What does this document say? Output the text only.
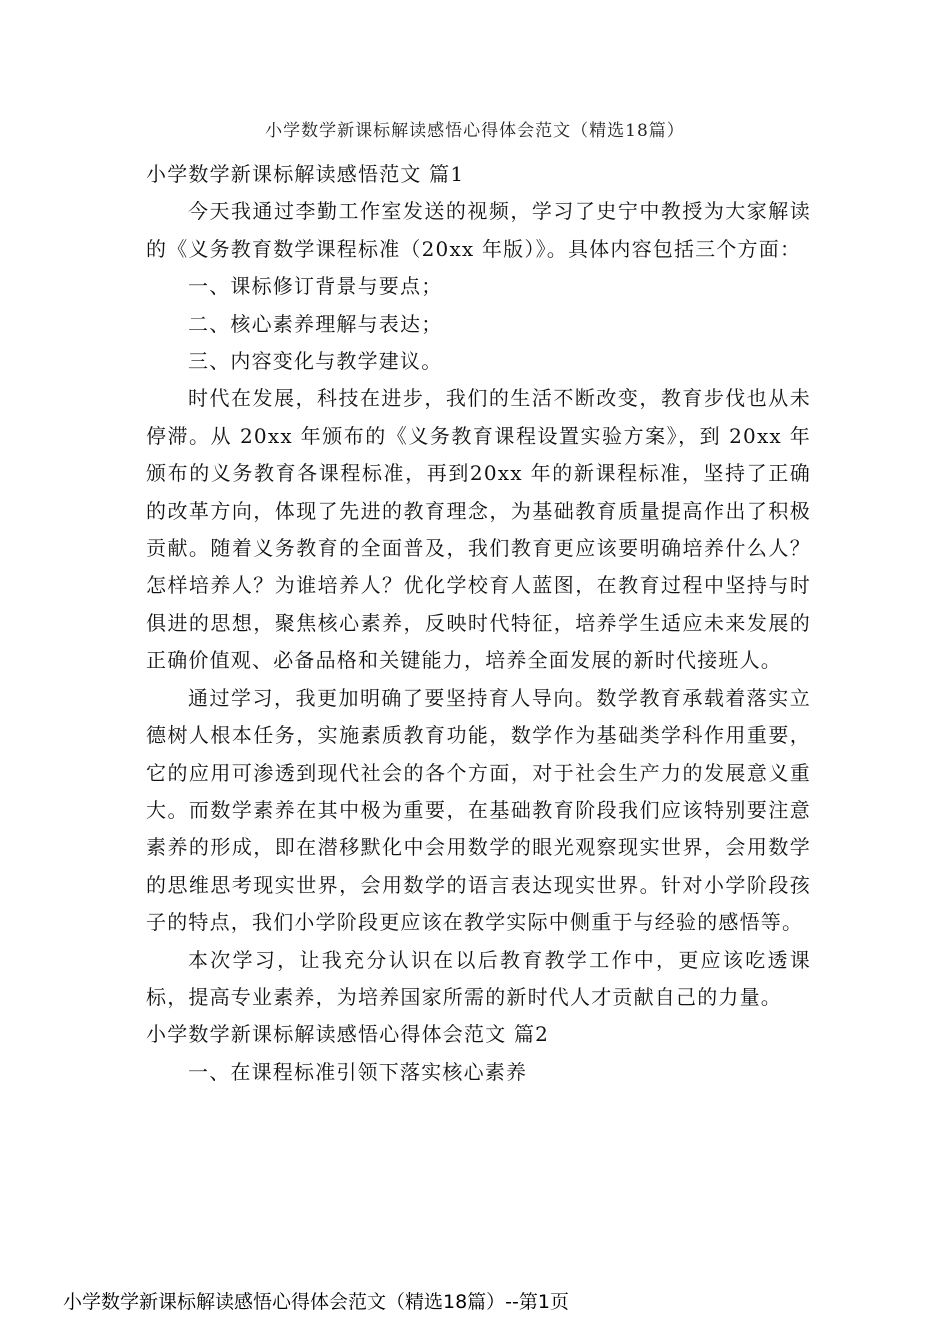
小学数学新课标解读感悟心得体会范文（精选18篇）

小学数学新课标解读感悟范文 篇1

今天我通过李勤工作室发送的视频，学习了史宁中教授为大家解读的《义务教育数学课程标准（20xx 年版）》。具体内容包括三个方面：

一、课标修订背景与要点；

二、核心素养理解与表达；

三、内容变化与教学建议。

时代在发展，科技在进步，我们的生活不断改变，教育步伐也从未停滞。从 20xx 年颁布的《义务教育课程设置实验方案》，到 20xx 年颁布的义务教育各课程标准，再到20xx 年的新课程标准，坚持了正确的改革方向，体现了先进的教育理念，为基础教育质量提高作出了积极贡献。随着义务教育的全面普及，我们教育更应该要明确培养什么人？怎样培养人？为谁培养人？优化学校育人蓝图，在教育过程中坚持与时俱进的思想，聚焦核心素养，反映时代特征，培养学生适应未来发展的正确价值观、必备品格和关键能力，培养全面发展的新时代接班人。

通过学习，我更加明确了要坚持育人导向。数学教育承载着落实立德树人根本任务，实施素质教育功能，数学作为基础类学科作用重要，它的应用可渗透到现代社会的各个方面，对于社会生产力的发展意义重大。而数学素养在其中极为重要，在基础教育阶段我们应该特别要注意素养的形成，即在潜移默化中会用数学的眼光观察现实世界，会用数学的思维思考现实世界，会用数学的语言表达现实世界。针对小学阶段孩子的特点，我们小学阶段更应该在教学实际中侧重于与经验的感悟等。

本次学习，让我充分认识在以后教育教学工作中，更应该吃透课标，提高专业素养，为培养国家所需的新时代人才贡献自己的力量。

小学数学新课标解读感悟心得体会范文 篇2

一、在课程标准引领下落实核心素养

小学数学新课标解读感悟心得体会范文（精选18篇）--第1页
